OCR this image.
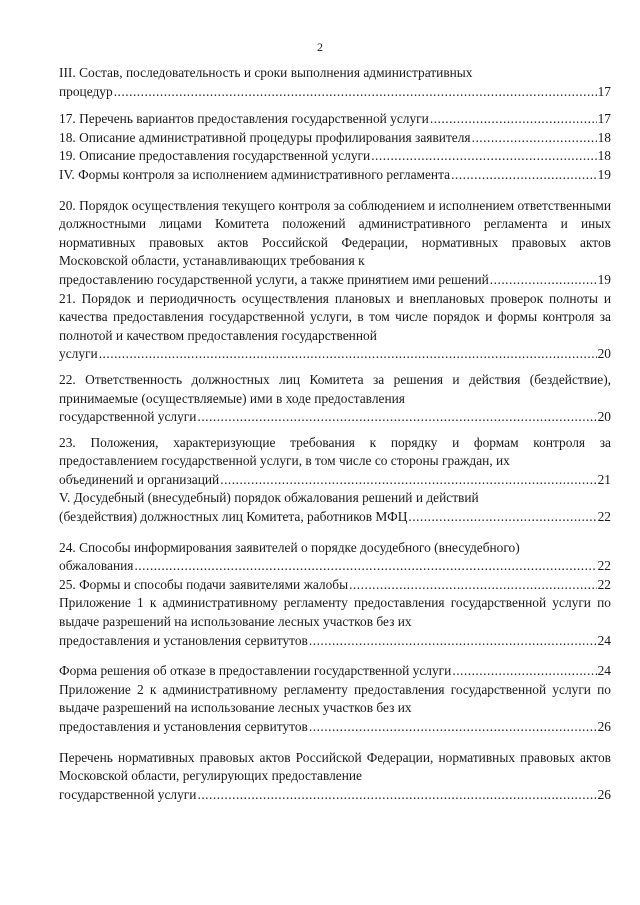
2
III. Состав, последовательность и сроки выполнения административных
процедур .....	17
17. Перечень вариантов предоставления государственной услуги .....	17
18. Описание административной процедуры профилирования заявителя .....	18
19. Описание предоставления государственной услуги .....	18
IV. Формы контроля за исполнением административного регламента .....	19
20. Порядок осуществления текущего контроля за соблюдением и исполнением ответственными должностными лицами Комитета положений административного регламента и иных нормативных правовых актов Российской Федерации, нормативных правовых актов Московской области, устанавливающих требования к
предоставлению государственной услуги, а также принятием ими решений .....	19
21. Порядок и периодичность осуществления плановых и внеплановых проверок полноты и качества предоставления государственной услуги, в том числе порядок и формы контроля за полнотой и качеством предоставления государственной
услуги .....	20
22. Ответственность должностных лиц Комитета за решения и действия (бездействие), принимаемые (осуществляемые) ими в ходе предоставления
государственной услуги .....	20
23. Положения, характеризующие требования к порядку и формам контроля за предоставлением государственной услуги, в том числе со стороны граждан, их
объединений и организаций .....	21
V. Досудебный (внесудебный) порядок обжалования решений и действий
(бездействия) должностных лиц Комитета, работников МФЦ .....	22
24. Способы информирования заявителей о порядке досудебного (внесудебного)
обжалования .....	22
25. Формы и способы подачи заявителями жалобы .....	22
Приложение 1 к административному регламенту предоставления государственной услуги по выдаче разрешений на использование лесных участков без их
предоставления и установления сервитутов .....	24
Форма решения об отказе в предоставлении государственной услуги .....	24
Приложение 2 к административному регламенту предоставления государственной услуги по выдаче разрешений на использование лесных участков без их
предоставления и установления сервитутов .....	26
Перечень нормативных правовых актов Российской Федерации, нормативных правовых актов Московской области, регулирующих предоставление
государственной услуги .....	26
